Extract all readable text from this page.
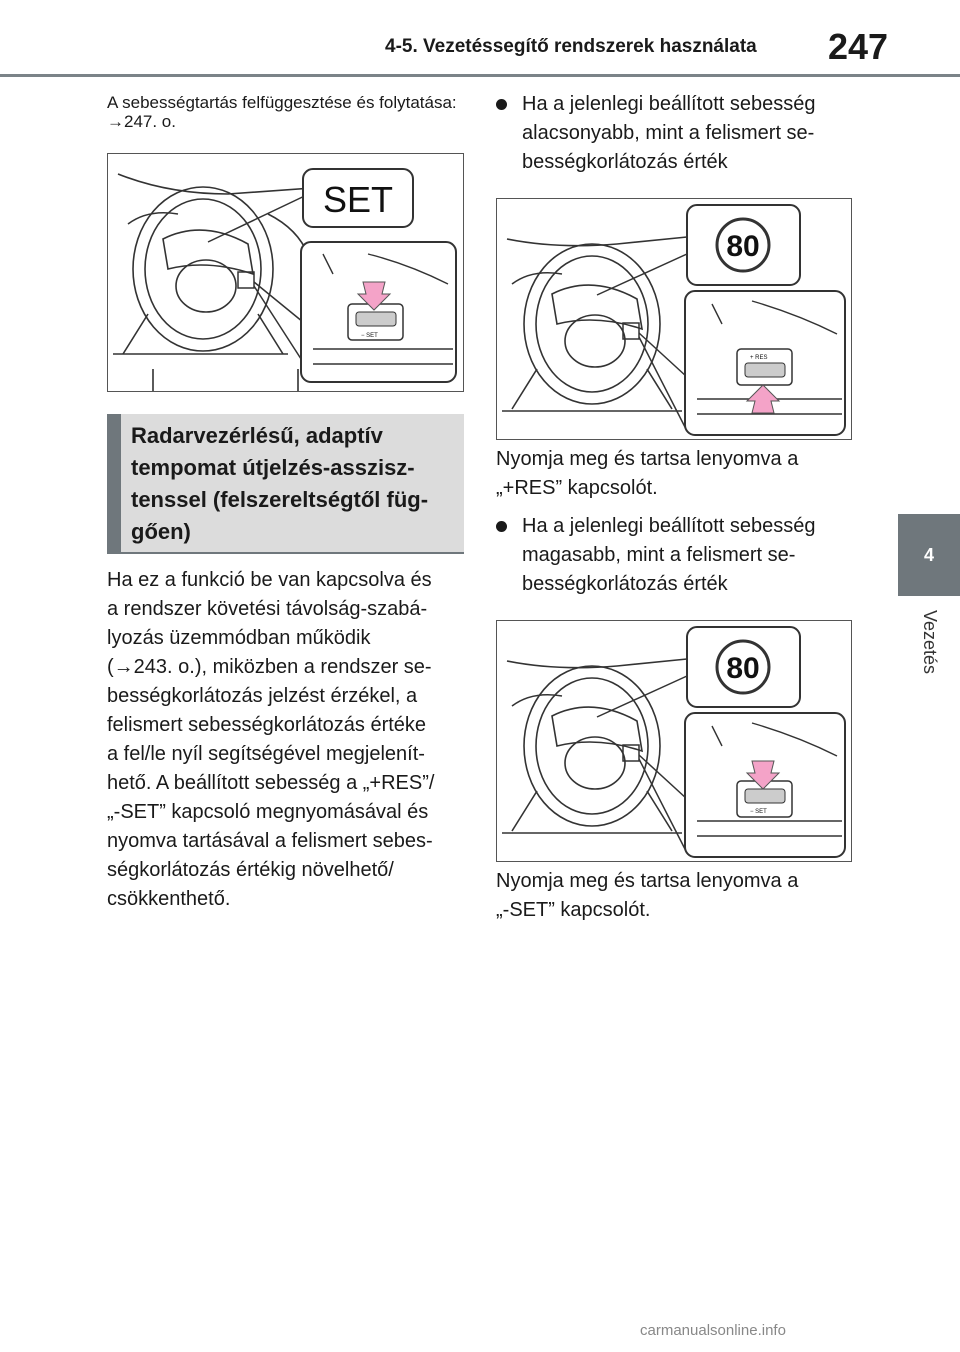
4-5. Vezetéssegítő rendszerek használata 247
4
Vezetés
A sebességtartás felfüggesztése és folytatása: →247. o.
SET
− SET
Radarvezérlésű, adaptív tempomat útjelzés-asszisz-tenssel (felszereltségtől füg-gően)
Ha ez a funkció be van kapcsolva és
a rendszer követési távolság-szabá-
lyozás üzemmódban működik
(→243. o.), miközben a rendszer se-
bességkorlátozás jelzést érzékel, a
felismert sebességkorlátozás értéke
a fel/le nyíl segítségével megjelenít-
hető. A beállított sebesség a „+RES”/
„-SET” kapcsoló megnyomásával és
nyomva tartásával a felismert sebes-
ségkorlátozás értékig növelhető/
csökkenthető.
Ha a jelenlegi beállított sebesség
alacsonyabb, mint a felismert se-
bességkorlátozás érték
80
+ RES
Nyomja meg és tartsa lenyomva a
„+RES” kapcsolót.
Ha a jelenlegi beállított sebesség
magasabb, mint a felismert se-
bességkorlátozás érték
80
− SET
Nyomja meg és tartsa lenyomva a
„-SET” kapcsolót.
carmanualsonline.info
